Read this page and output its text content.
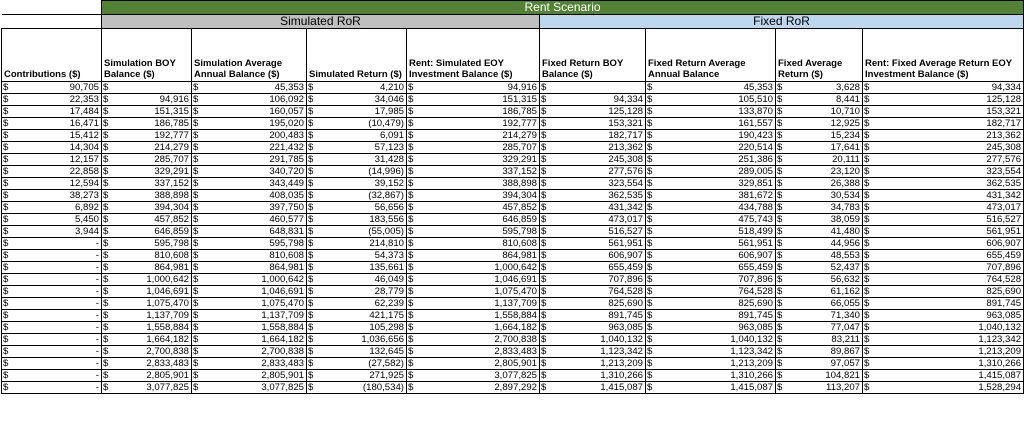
	Rent Scenario							
	Simulated RoR				Fixed RoR			
Contributions ($)	Simulation BOY Balance ($)	Simulation Average Annual Balance ($)	Simulated Return ($)	Rent: Simulated EOY Investment Balance ($)	Fixed Return BOY Balance ($)	Fixed Return Average Annual Balance	Fixed Average Return ($)	Rent: Fixed Average Return EOY Investment Balance ($)

$ 90,705	$	$ 45,353	$ 4,210	$ 94,916	$	$ 45,353	$ 3,628	$ 94,334

$ 22,353	$ 94,916	$ 106,092	$ 34,046	$ 151,315	$ 94,334	$ 105,510	$ 8,441	$ 125,128

$ 17,484	$ 151,315	$ 160,057	$ 17,985	$ 186,785	$ 125,128	$ 133,870	$ 10,710	$ 153,321

$ 16,471	$ 186,785	$ 195,020	$ (10,479)	$ 192,777	$ 153,321	$ 161,557	$ 12,925	$ 182,717

$ 15,412	$ 192,777	$ 200,483	$ 6,091	$ 214,279	$ 182,717	$ 190,423	$ 15,234	$ 213,362

$ 14,304	$ 214,279	$ 221,432	$ 57,123	$ 285,707	$ 213,362	$ 220,514	$ 17,641	$ 245,308

$ 12,157	$ 285,707	$ 291,785	$ 31,428	$ 329,291	$ 245,308	$ 251,386	$ 20,111	$ 277,576

$ 22,858	$ 329,291	$ 340,720	$ (14,996)	$ 337,152	$ 277,576	$ 289,005	$ 23,120	$ 323,554

$ 12,594	$ 337,152	$ 343,449	$ 39,152	$ 388,898	$ 323,554	$ 329,851	$ 26,388	$ 362,535

$ 38,273	$ 388,898	$ 408,035	$ (32,867)	$ 394,304	$ 362,535	$ 381,672	$ 30,534	$ 431,342

$ 6,892	$ 394,304	$ 397,750	$ 56,656	$ 457,852	$ 431,342	$ 434,788	$ 34,783	$ 473,017

$ 5,450	$ 457,852	$ 460,577	$ 183,556	$ 646,859	$ 473,017	$ 475,743	$ 38,059	$ 516,527

$ 3,944	$ 646,859	$ 648,831	$ (55,005)	$ 595,798	$ 516,527	$ 518,499	$ 41,480	$ 561,951

$ -	$ 595,798	$ 595,798	$ 214,810	$ 810,608	$ 561,951	$ 561,951	$ 44,956	$ 606,907

$ -	$ 810,608	$ 810,608	$ 54,373	$ 864,981	$ 606,907	$ 606,907	$ 48,553	$ 655,459

$ -	$ 864,981	$ 864,981	$ 135,661	$ 1,000,642	$ 655,459	$ 655,459	$ 52,437	$ 707,896

$ -	$ 1,000,642	$ 1,000,642	$ 46,049	$ 1,046,691	$ 707,896	$ 707,896	$ 56,632	$ 764,528

$ -	$ 1,046,691	$ 1,046,691	$ 28,779	$ 1,075,470	$ 764,528	$ 764,528	$ 61,162	$ 825,690

$ -	$ 1,075,470	$ 1,075,470	$ 62,239	$ 1,137,709	$ 825,690	$ 825,690	$ 66,055	$ 891,745

$ -	$ 1,137,709	$ 1,137,709	$ 421,175	$ 1,558,884	$ 891,745	$ 891,745	$ 71,340	$ 963,085

$ -	$ 1,558,884	$ 1,558,884	$ 105,298	$ 1,664,182	$ 963,085	$ 963,085	$ 77,047	$ 1,040,132

$ -	$ 1,664,182	$ 1,664,182	$ 1,036,656	$ 2,700,838	$ 1,040,132	$ 1,040,132	$ 83,211	$ 1,123,342

$ -	$ 2,700,838	$ 2,700,838	$ 132,645	$ 2,833,483	$ 1,123,342	$ 1,123,342	$ 89,867	$ 1,213,209

$ -	$ 2,833,483	$ 2,833,483	$ (27,582)	$ 2,805,901	$ 1,213,209	$ 1,213,209	$ 97,057	$ 1,310,266

$ -	$ 2,805,901	$ 2,805,901	$ 271,925	$ 3,077,825	$ 1,310,266	$ 1,310,266	$ 104,821	$ 1,415,087

$ -	$ 3,077,825	$ 3,077,825	$ (180,534)	$ 2,897,292	$ 1,415,087	$ 1,415,087	$ 113,207	$ 1,528,294
